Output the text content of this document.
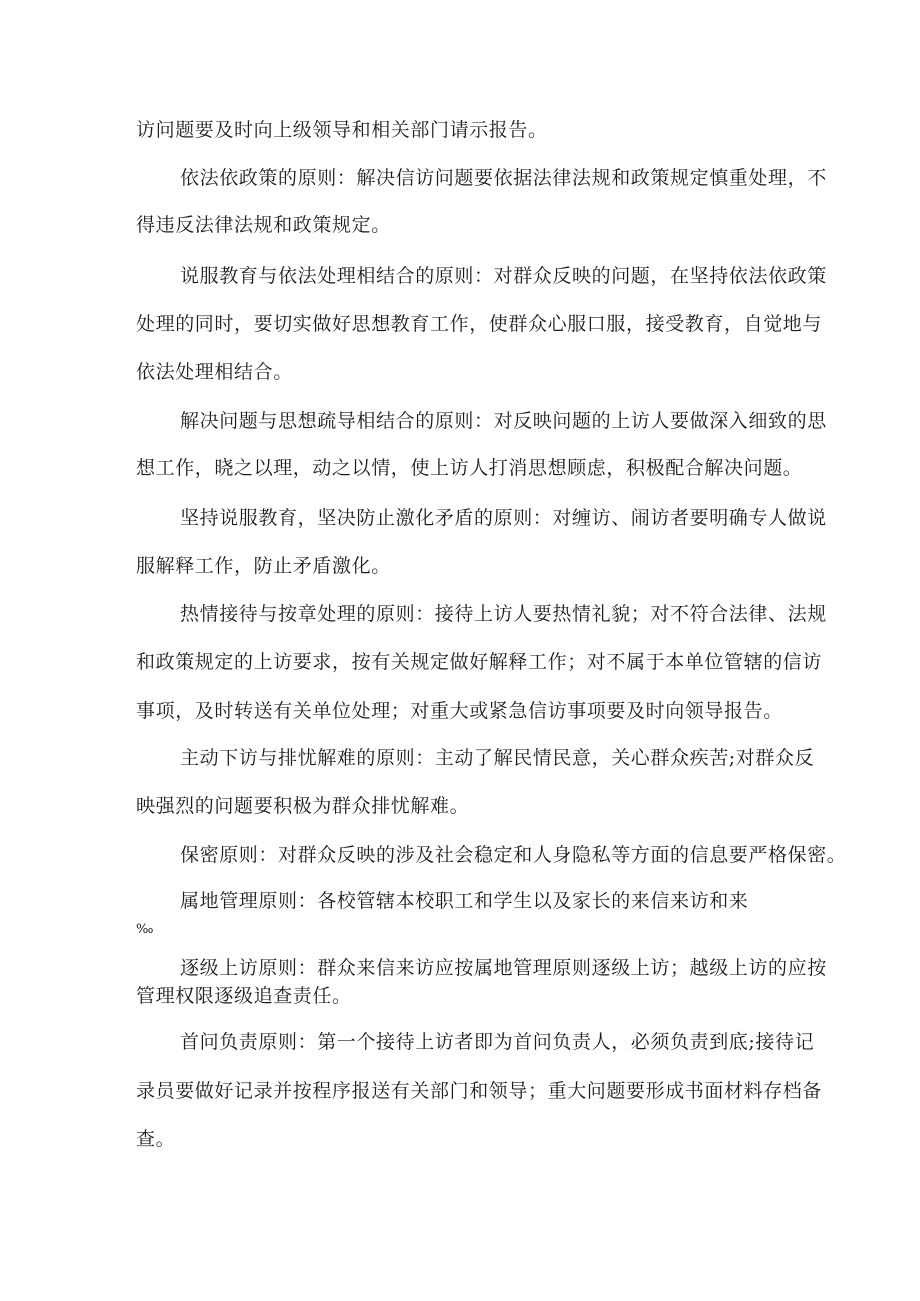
访问题要及时向上级领导和相关部门请示报告。
依法依政策的原则：解决信访问题要依据法律法规和政策规定慎重处理，不
得违反法律法规和政策规定。
说服教育与依法处理相结合的原则：对群众反映的问题，在坚持依法依政策
处理的同时，要切实做好思想教育工作，使群众心服口服，接受教育，自觉地与
依法处理相结合。
解决问题与思想疏导相结合的原则：对反映问题的上访人要做深入细致的思
想工作，晓之以理，动之以情，使上访人打消思想顾虑，积极配合解决问题。
坚持说服教育，坚决防止激化矛盾的原则：对缠访、闹访者要明确专人做说
服解释工作，防止矛盾激化。
热情接待与按章处理的原则：接待上访人要热情礼貌；对不符合法律、法规
和政策规定的上访要求，按有关规定做好解释工作；对不属于本单位管辖的信访
事项，及时转送有关单位处理；对重大或紧急信访事项要及时向领导报告。
主动下访与排忧解难的原则：主动了解民情民意，关心群众疾苦;对群众反
映强烈的问题要积极为群众排忧解难。
保密原则：对群众反映的涉及社会稳定和人身隐私等方面的信息要严格保密。
属地管理原则：各校管辖本校职工和学生以及家长的来信来访和来
‰
逐级上访原则：群众来信来访应按属地管理原则逐级上访；越级上访的应按
管理权限逐级追查责任。
首问负责原则：第一个接待上访者即为首问负责人，必须负责到底;接待记
录员要做好记录并按程序报送有关部门和领导；重大问题要形成书面材料存档备
查。
